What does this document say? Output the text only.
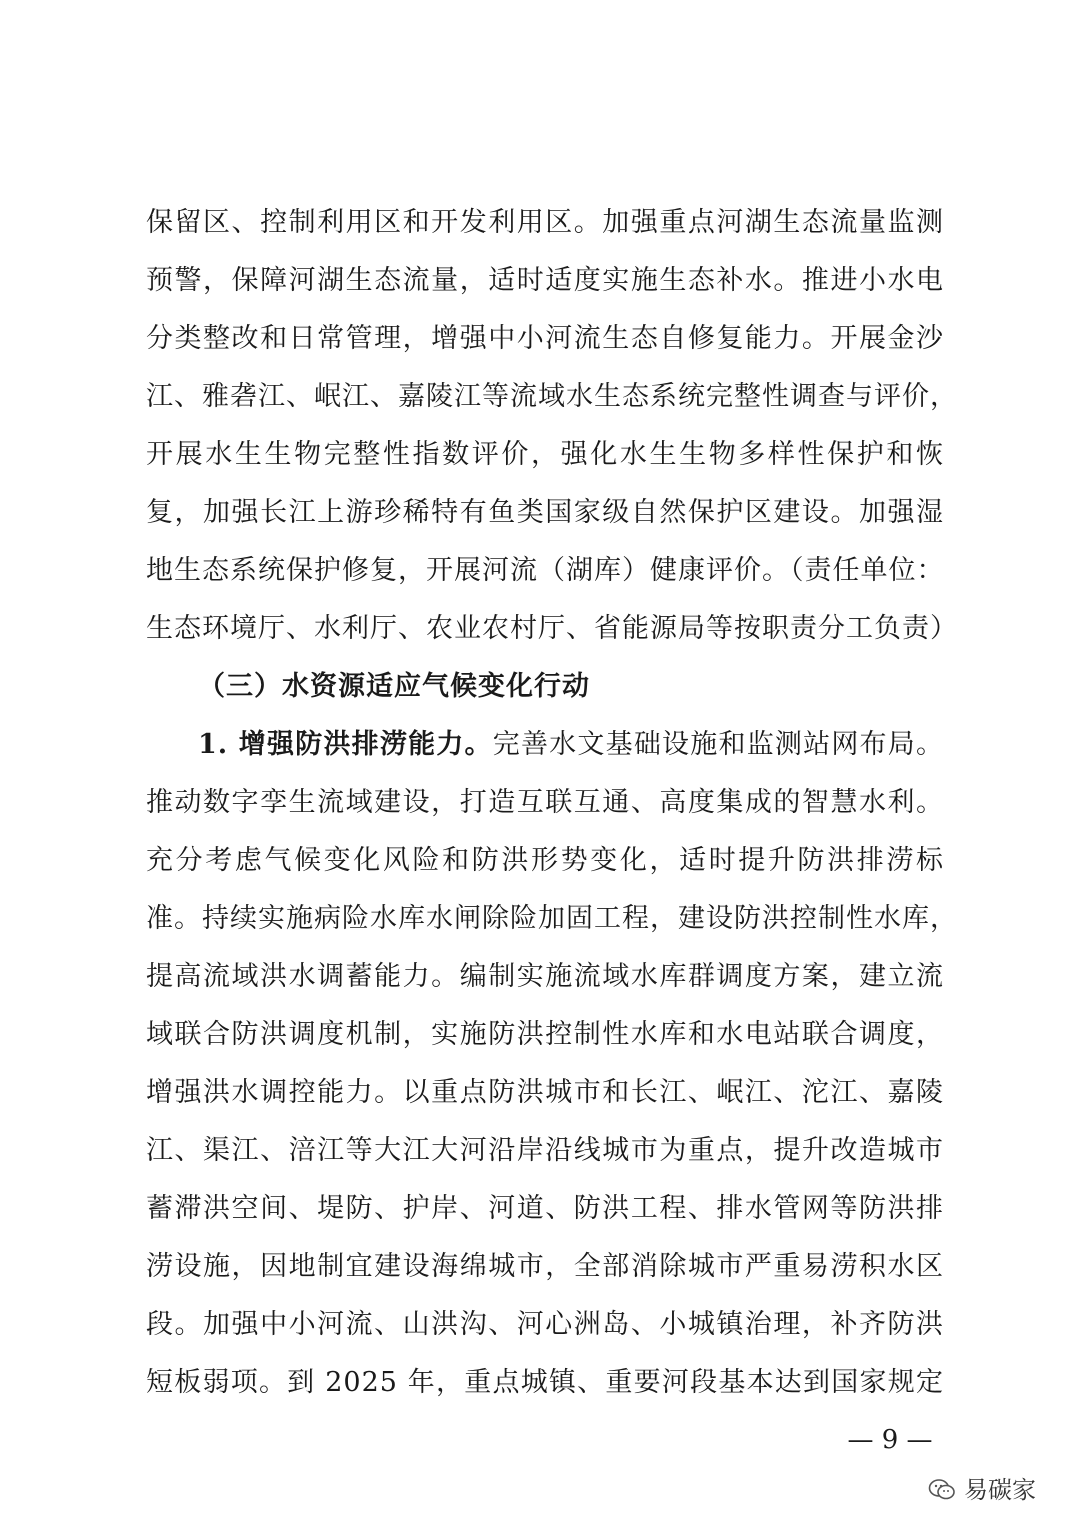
保留区、控制利用区和开发利用区。加强重点河湖生态流量监测
预警，保障河湖生态流量，适时适度实施生态补水。推进小水电
分类整改和日常管理，增强中小河流生态自修复能力。开展金沙
江、雅砻江、岷江、嘉陵江等流域水生态系统完整性调查与评价，
开展水生生物完整性指数评价，强化水生生物多样性保护和恢
复，加强长江上游珍稀特有鱼类国家级自然保护区建设。加强湿
地生态系统保护修复，开展河流（湖库）健康评价。（责任单位：
生态环境厅、水利厅、农业农村厅、省能源局等按职责分工负责）
（三）水资源适应气候变化行动
1. 增强防洪排涝能力。完善水文基础设施和监测站网布局。
推动数字孪生流域建设，打造互联互通、高度集成的智慧水利。
充分考虑气候变化风险和防洪形势变化，适时提升防洪排涝标
准。持续实施病险水库水闸除险加固工程，建设防洪控制性水库，
提高流域洪水调蓄能力。编制实施流域水库群调度方案，建立流
域联合防洪调度机制，实施防洪控制性水库和水电站联合调度，
增强洪水调控能力。以重点防洪城市和长江、岷江、沱江、嘉陵
江、渠江、涪江等大江大河沿岸沿线城市为重点，提升改造城市
蓄滞洪空间、堤防、护岸、河道、防洪工程、排水管网等防洪排
涝设施，因地制宜建设海绵城市，全部消除城市严重易涝积水区
段。加强中小河流、山洪沟、河心洲岛、小城镇治理，补齐防洪
短板弱项。到 2025 年，重点城镇、重要河段基本达到国家规定
— 9 —
易碳家
